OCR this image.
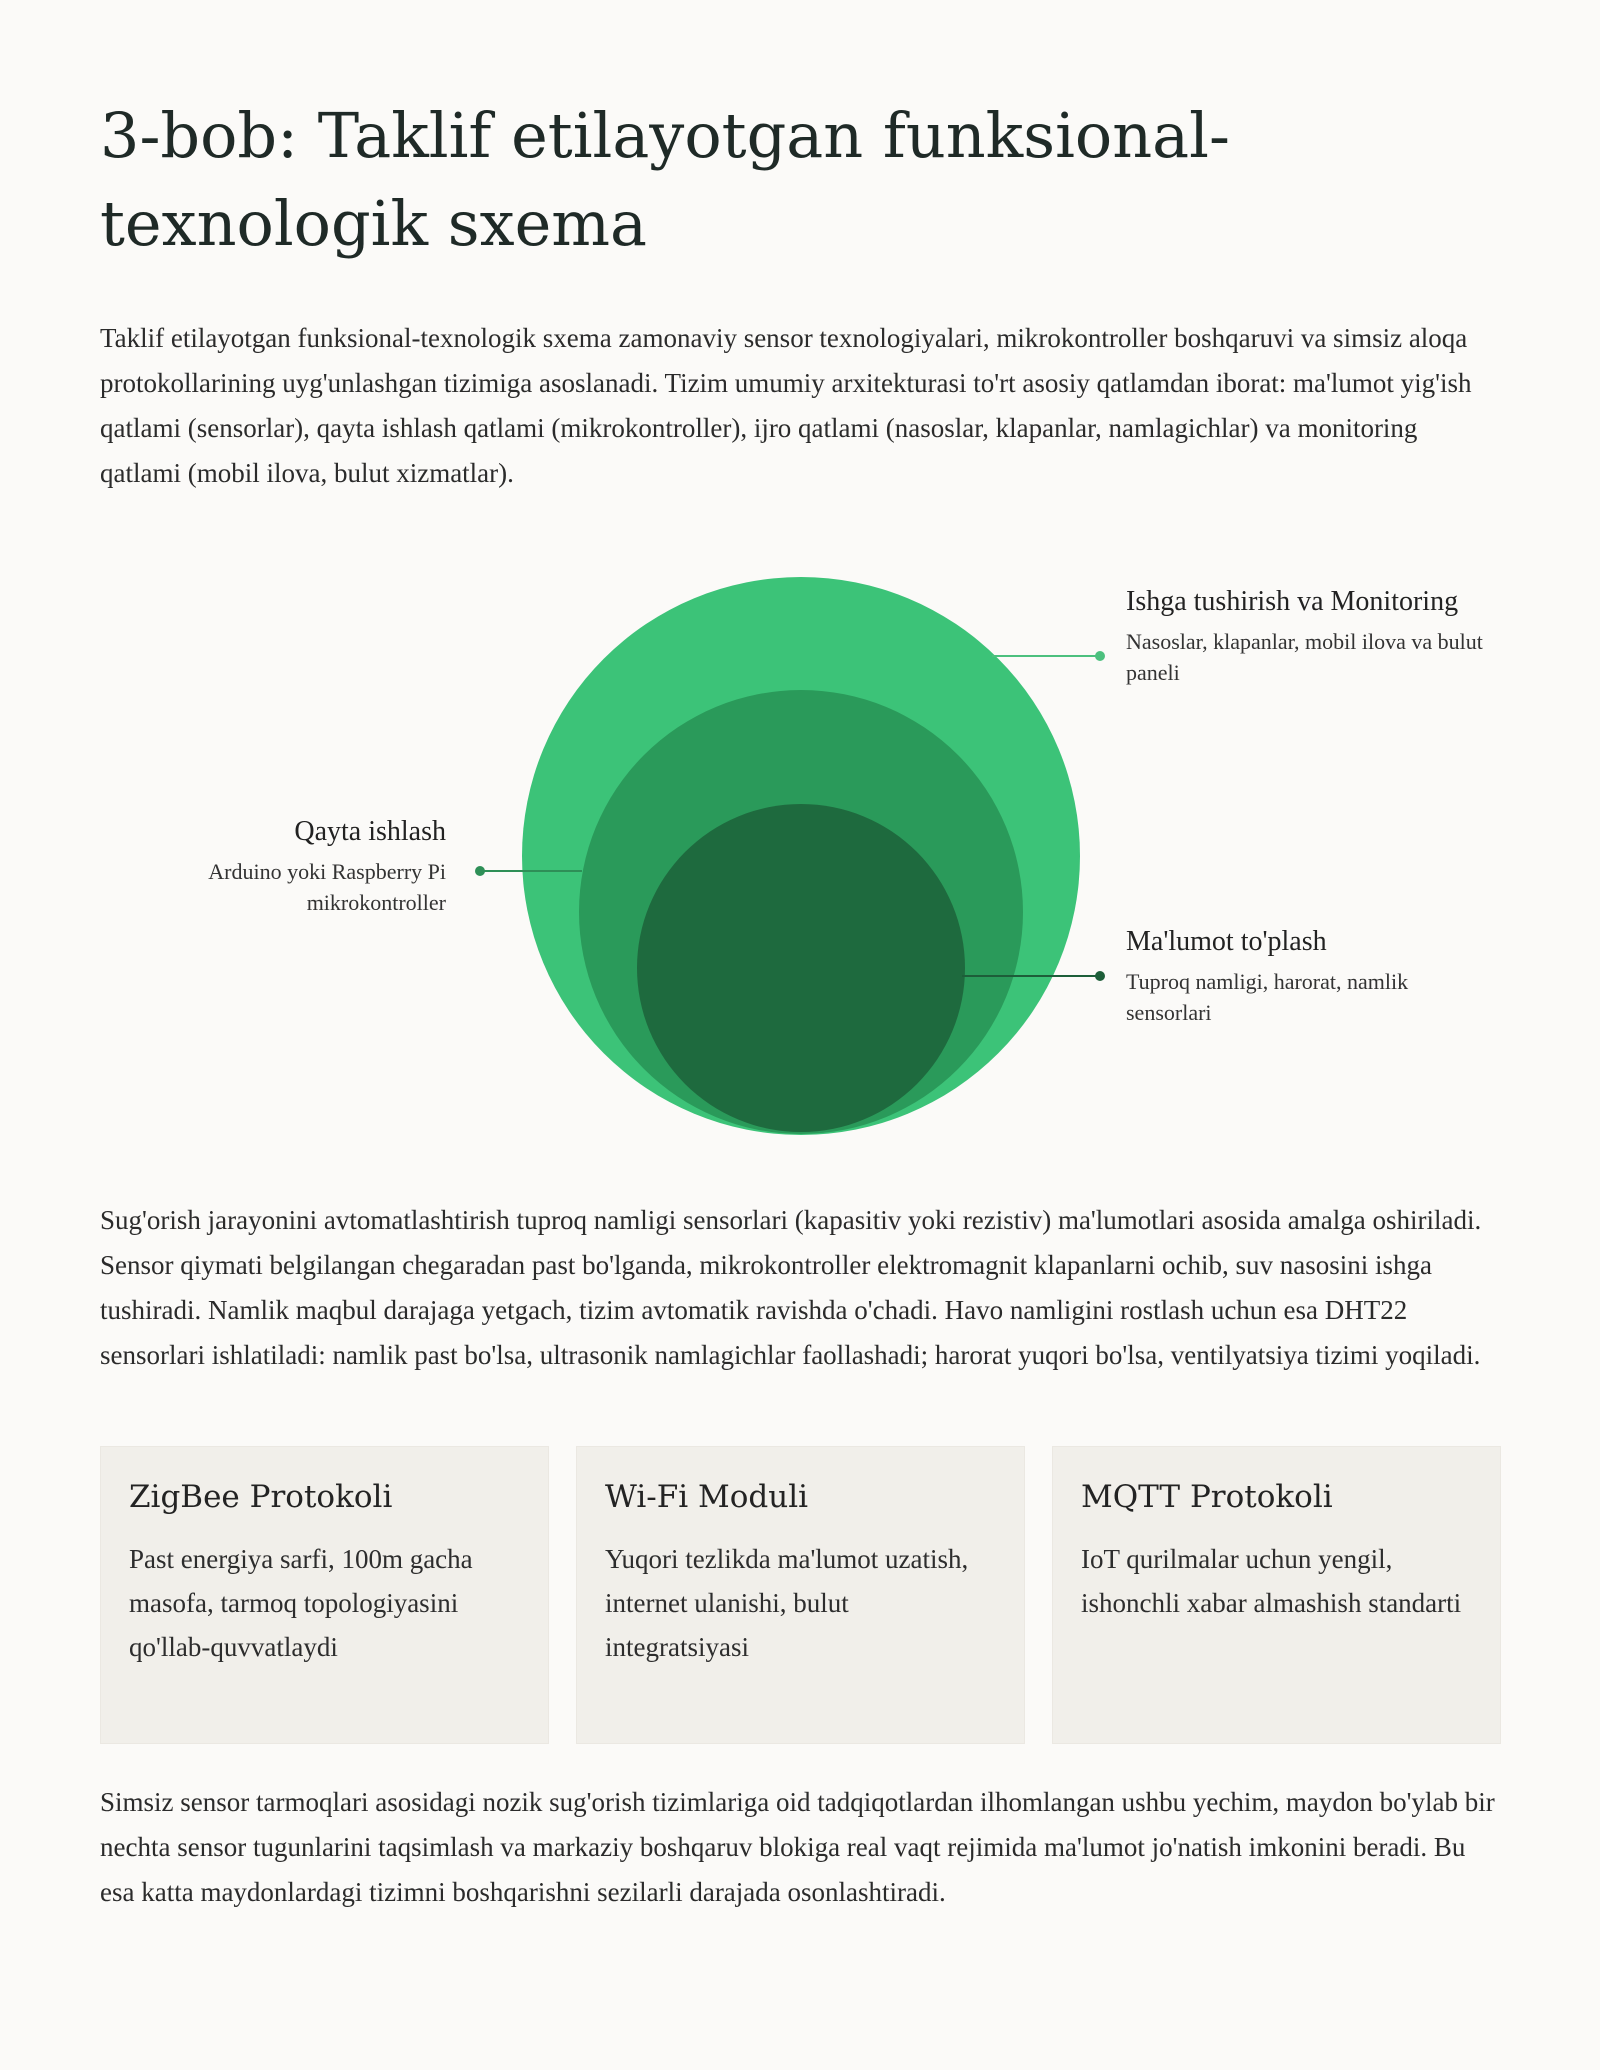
3-bob: Taklif etilayotgan funksional-texnologik sxema

Taklif etilayotgan funksional-texnologik sxema zamonaviy sensor texnologiyalari, mikrokontroller boshqaruvi va simsiz aloqa protokollarining uyg'unlashgan tizimiga asoslanadi. Tizim umumiy arxitekturasi to'rt asosiy qatlamdan iborat: ma'lumot yig'ish qatlami (sensorlar), qayta ishlash qatlami (mikrokontroller), ijro qatlami (nasoslar, klapanlar, namlagichlar) va monitoring qatlami (mobil ilova, bulut xizmatlar).

Ishga tushirish va Monitoring
Nasoslar, klapanlar, mobil ilova va bulut paneli
Qayta ishlash
Arduino yoki Raspberry Pi mikrokontroller
Ma'lumot to'plash
Tuproq namligi, harorat, namlik sensorlari

Sug'orish jarayonini avtomatlashtirish tuproq namligi sensorlari (kapasitiv yoki rezistiv) ma'lumotlari asosida amalga oshiriladi. Sensor qiymati belgilangan chegaradan past bo'lganda, mikrokontroller elektromagnit klapanlarni ochib, suv nasosini ishga tushiradi. Namlik maqbul darajaga yetgach, tizim avtomatik ravishda o'chadi. Havo namligini rostlash uchun esa DHT22 sensorlari ishlatiladi: namlik past bo'lsa, ultrasonik namlagichlar faollashadi; harorat yuqori bo'lsa, ventilyatsiya tizimi yoqiladi.

ZigBee Protokoli
Past energiya sarfi, 100m gacha masofa, tarmoq topologiyasini qo'llab-quvvatlaydi
Wi-Fi Moduli
Yuqori tezlikda ma'lumot uzatish, internet ulanishi, bulut integratsiyasi
MQTT Protokoli
IoT qurilmalar uchun yengil, ishonchli xabar almashish standarti

Simsiz sensor tarmoqlari asosidagi nozik sug'orish tizimlariga oid tadqiqotlardan ilhomlangan ushbu yechim, maydon bo'ylab bir nechta sensor tugunlarini taqsimlash va markaziy boshqaruv blokiga real vaqt rejimida ma'lumot jo'natish imkonini beradi. Bu esa katta maydonlardagi tizimni boshqarishni sezilarli darajada osonlashtiradi.
